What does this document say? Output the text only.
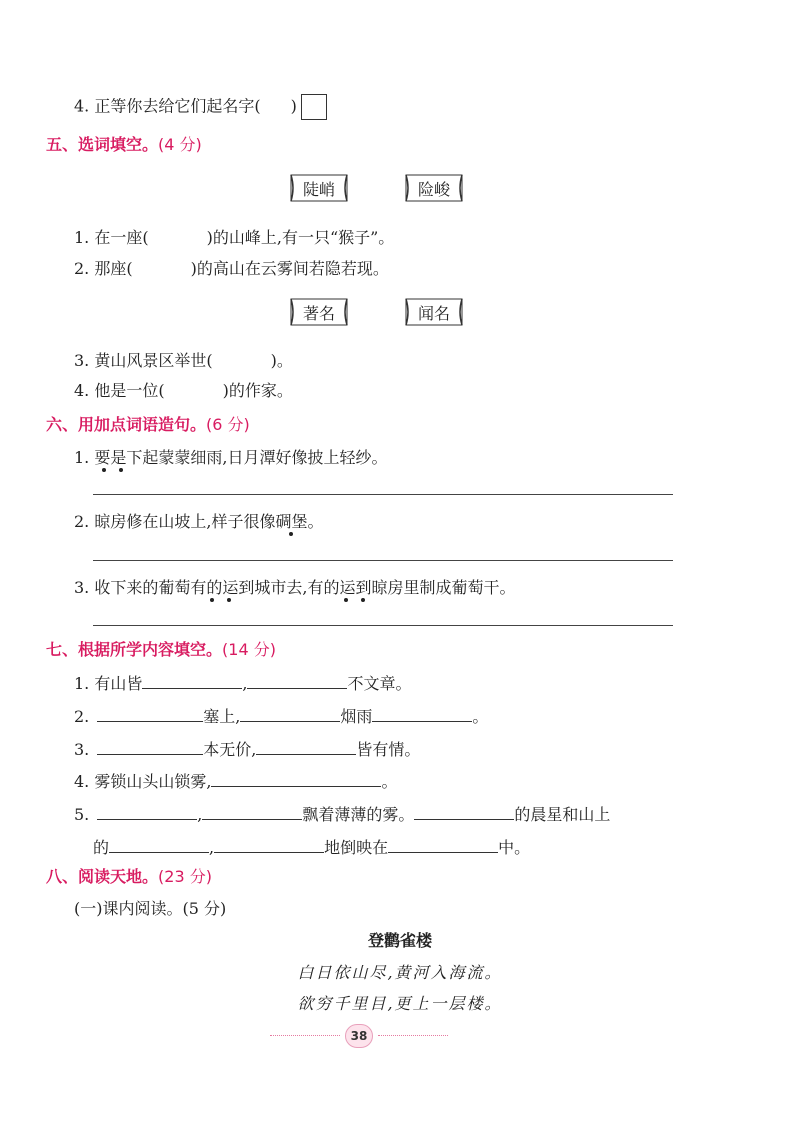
4. 正等你去给它们起名字( )
五、选词填空。(4 分)
陡峭	险峻
1. 在一座(	)的山峰上,有一只“猴子”。
2. 那座(	)的高山在云雾间若隐若现。
著名	闻名
3. 黄山风景区举世(	)。
4. 他是一位(	)的作家。
六、用加点词语造句。(6 分)
1. 要是下起蒙蒙细雨,日月潭好像披上轻纱。
2. 晾房修在山坡上,样子很像碉堡。
3. 收下来的葡萄有的运到城市去,有的运到晾房里制成葡萄干。
七、根据所学内容填空。(14 分)
1. 有山皆	,	不文章。
2.	塞上,	烟雨	。
3.	本无价,	皆有情。
4. 雾锁山头山锁雾,	。
5.	,	飘着薄薄的雾。	的晨星和山上
的	,	地倒映在	中。
八、阅读天地。(23 分)
(一)课内阅读。(5 分)
登鹳雀楼
白日依山尽,黄河入海流。
欲穷千里目,更上一层楼。
38
